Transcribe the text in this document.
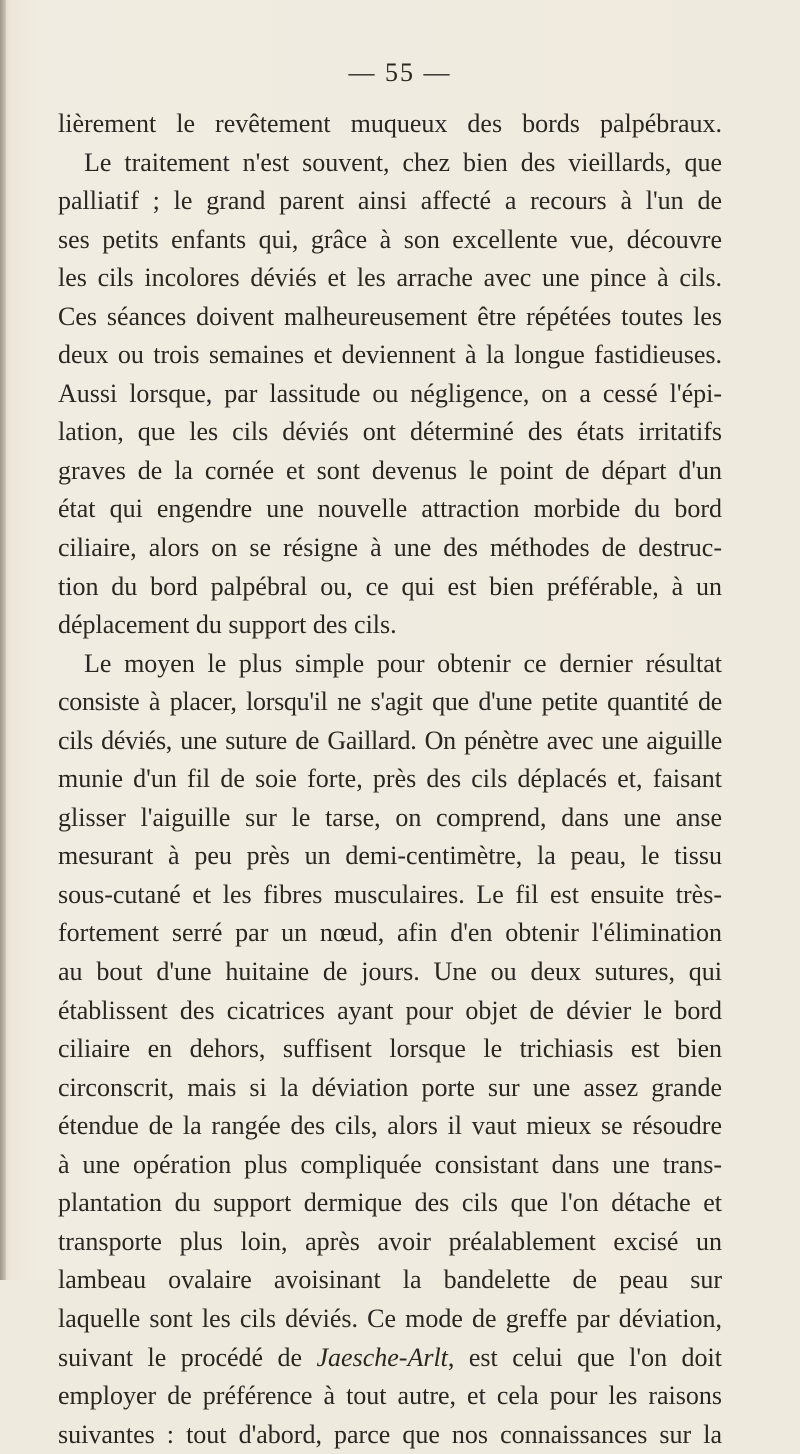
— 55 —
lièrement le revêtement muqueux des bords palpébraux.
Le traitement n'est souvent, chez bien des vieillards, que
palliatif ; le grand parent ainsi affecté a recours à l'un de
ses petits enfants qui, grâce à son excellente vue, découvre
les cils incolores déviés et les arrache avec une pince à cils.
Ces séances doivent malheureusement être répétées toutes les
deux ou trois semaines et deviennent à la longue fastidieuses.
Aussi lorsque, par lassitude ou négligence, on a cessé l'épi-
lation, que les cils déviés ont déterminé des états irritatifs
graves de la cornée et sont devenus le point de départ d'un
état qui engendre une nouvelle attraction morbide du bord
ciliaire, alors on se résigne à une des méthodes de destruc-
tion du bord palpébral ou, ce qui est bien préférable, à un
déplacement du support des cils.
Le moyen le plus simple pour obtenir ce dernier résultat
consiste à placer, lorsqu'il ne s'agit que d'une petite quantité de
cils déviés, une suture de Gaillard. On pénètre avec une aiguille
munie d'un fil de soie forte, près des cils déplacés et, faisant
glisser l'aiguille sur le tarse, on comprend, dans une anse
mesurant à peu près un demi-centimètre, la peau, le tissu
sous-cutané et les fibres musculaires. Le fil est ensuite très-
fortement serré par un nœud, afin d'en obtenir l'élimination
au bout d'une huitaine de jours. Une ou deux sutures, qui
établissent des cicatrices ayant pour objet de dévier le bord
ciliaire en dehors, suffisent lorsque le trichiasis est bien
circonscrit, mais si la déviation porte sur une assez grande
étendue de la rangée des cils, alors il vaut mieux se résoudre
à une opération plus compliquée consistant dans une trans-
plantation du support dermique des cils que l'on détache et
transporte plus loin, après avoir préalablement excisé un
lambeau ovalaire avoisinant la bandelette de peau sur
laquelle sont les cils déviés. Ce mode de greffe par déviation,
suivant le procédé de Jaesche-Arlt, est celui que l'on doit
employer de préférence à tout autre, et cela pour les raisons
suivantes : tout d'abord, parce que nos connaissances sur la
